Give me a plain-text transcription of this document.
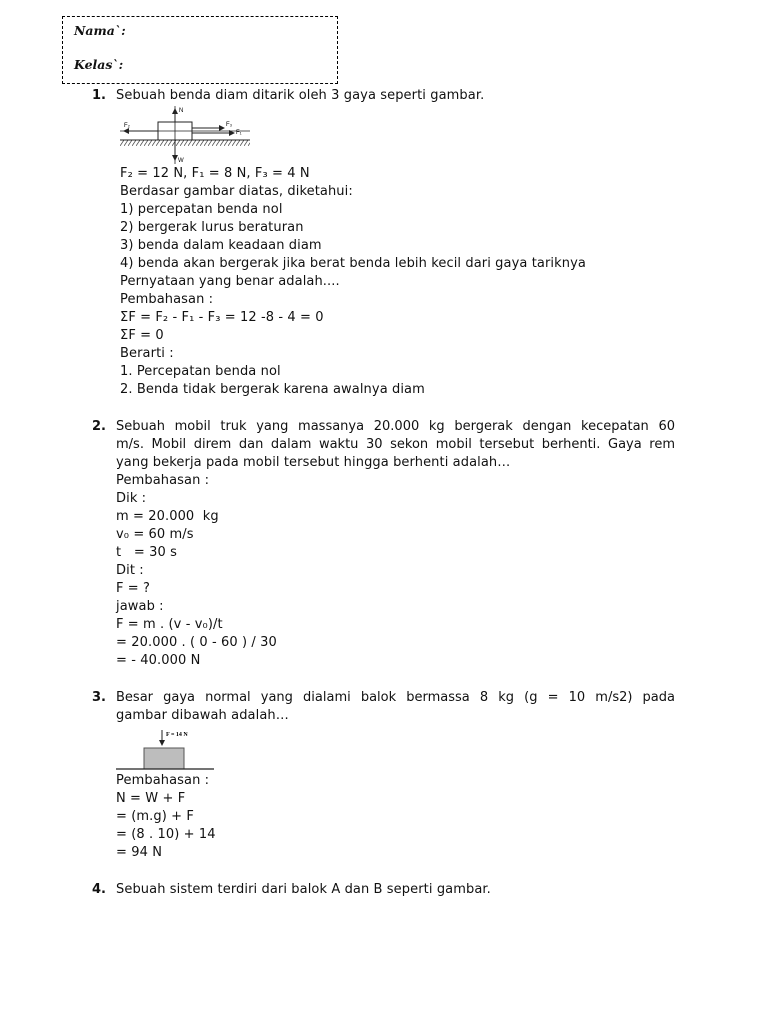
Nama`:
Kelas`:
1. Sebuah benda diam ditarik oleh 3 gaya seperti gambar.
N
F₂	F₃
F₁
W
F₂ = 12 N, F₁ = 8 N, F₃ = 4 N
Berdasar gambar diatas, diketahui:
1) percepatan benda nol
2) bergerak lurus beraturan
3) benda dalam keadaan diam
4) benda akan bergerak jika berat benda lebih kecil dari gaya tariknya
Pernyataan yang benar adalah....
Pembahasan :
ΣF = F₂ - F₁ - F₃ = 12 -8 - 4 = 0
ΣF = 0
Berarti :
1. Percepatan benda nol
2. Benda tidak bergerak karena awalnya diam
2. Sebuah mobil truk yang massanya 20.000 kg bergerak dengan kecepatan 60
m/s. Mobil direm dan dalam waktu 30 sekon mobil tersebut berhenti. Gaya rem
yang bekerja pada mobil tersebut hingga berhenti adalah…
Pembahasan :
Dik :
m = 20.000  kg
v₀ = 60 m/s
t   = 30 s
Dit :
F = ?
jawab :
F = m . (v - v₀)/t
= 20.000 . ( 0 - 60 ) / 30
= - 40.000 N
3. Besar gaya normal yang dialami balok bermassa 8 kg (g = 10 m/s2) pada
gambar dibawah adalah…
F = 14 N
Pembahasan :
N = W + F
= (m.g) + F
= (8 . 10) + 14
= 94 N
4. Sebuah sistem terdiri dari balok A dan B seperti gambar.
